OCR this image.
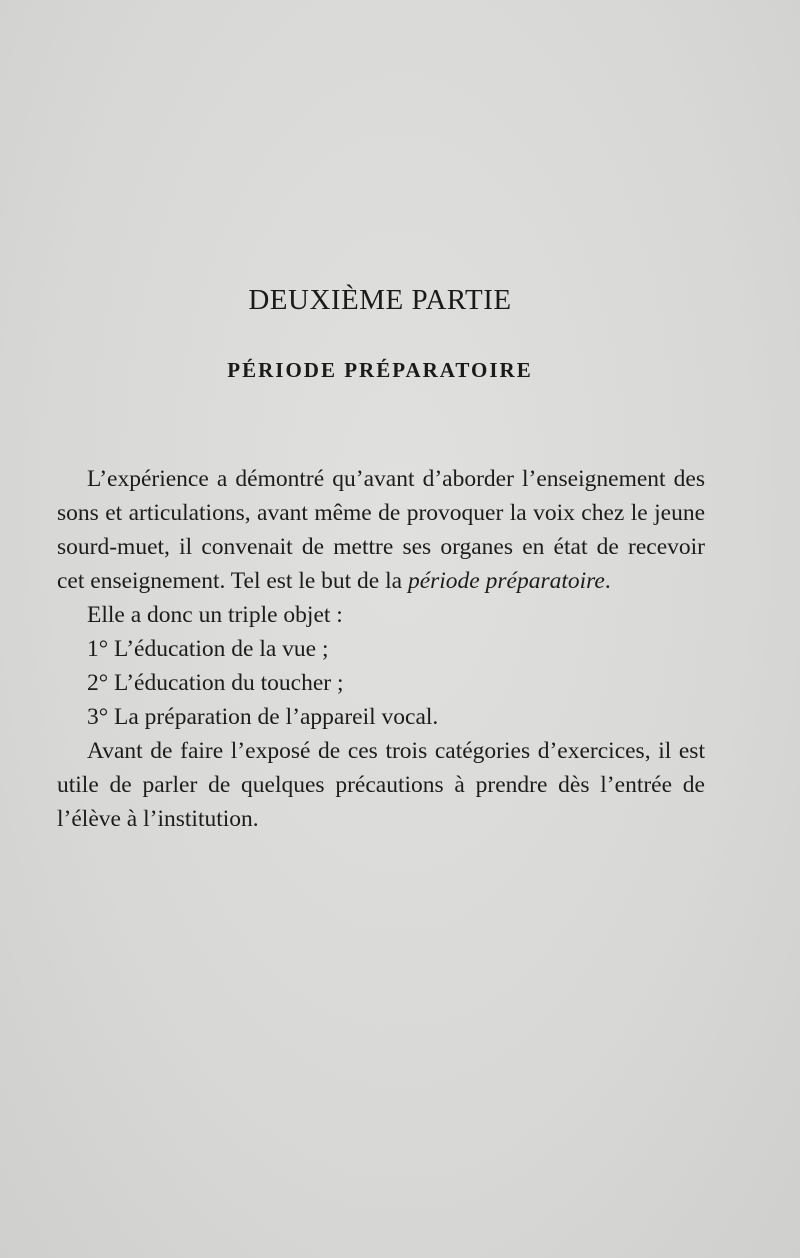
DEUXIÈME PARTIE
PÉRIODE PRÉPARATOIRE

L’expérience a démontré qu’avant d’aborder l’enseignement des sons et articulations, avant même de provoquer la voix chez le jeune sourd-muet, il convenait de mettre ses organes en état de recevoir cet enseignement. Tel est le but de la période préparatoire.

Elle a donc un triple objet :

1° L’éducation de la vue ;

2° L’éducation du toucher ;

3° La préparation de l’appareil vocal.

Avant de faire l’exposé de ces trois catégories d’exercices, il est utile de parler de quelques précautions à prendre dès l’entrée de l’élève à l’institution.
